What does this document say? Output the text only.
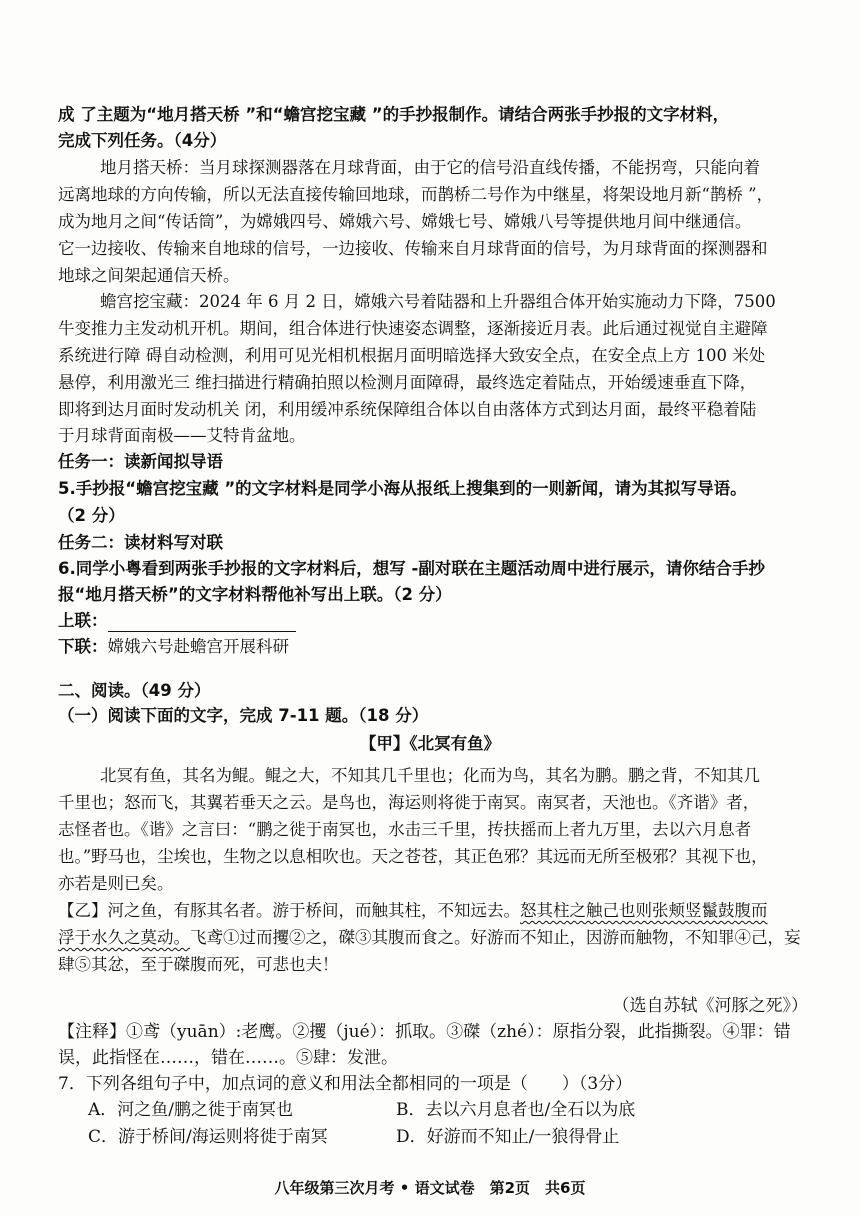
成 了主题为“地月搭天桥 ”和“蟾宫挖宝藏 ”的手抄报制作。请结合两张手抄报的文字材料，
完成下列任务。（4分）
地月搭天桥：当月球探测器落在月球背面，由于它的信号沿直线传播，不能拐弯，只能向着
远离地球的方向传输，所以无法直接传输回地球，而鹊桥二号作为中继星，将架设地月新“鹊桥 ”，
成为地月之间“传话筒”，为嫦娥四号、嫦娥六号、嫦娥七号、嫦娥八号等提供地月间中继通信。
它一边接收、传输来自地球的信号，一边接收、传输来自月球背面的信号，为月球背面的探测器和
地球之间架起通信天桥。
蟾宫挖宝藏：2024 年 6 月 2 日，嫦娥六号着陆器和上升器组合体开始实施动力下降，7500
牛变推力主发动机开机。期间，组合体进行快速姿态调整，逐渐接近月表。此后通过视觉自主避障
系统进行障 碍自动检测，利用可见光相机根据月面明暗选择大致安全点，在安全点上方 100 米处
悬停，利用激光三 维扫描进行精确拍照以检测月面障碍，最终选定着陆点，开始缓速垂直下降，
即将到达月面时发动机关 闭，利用缓冲系统保障组合体以自由落体方式到达月面，最终平稳着陆
于月球背面南极——艾特肯盆地。
任务一：读新闻拟导语
5.手抄报“蟾宫挖宝藏 ”的文字材料是同学小海从报纸上搜集到的一则新闻，请为其拟写导语。
（2 分）
任务二：读材料写对联
6.同学小粤看到两张手抄报的文字材料后，想写 -副对联在主题活动周中进行展示，请你结合手抄
报“地月搭天桥”的文字材料帮他补写出上联。（2 分）
上联：
下联：嫦娥六号赴蟾宫开展科研
二、阅读。（49 分）
（一）阅读下面的文字，完成 7-11 题。（18 分）
【甲】《北冥有鱼》
北冥有鱼，其名为鲲。鲲之大，不知其几千里也；化而为鸟，其名为鹏。鹏之背，不知其几
千里也；怒而飞，其翼若垂天之云。是鸟也，海运则将徙于南冥。南冥者，天池也。《齐谐》者，
志怪者也。《谐》之言曰：“鹏之徙于南冥也，水击三千里，抟扶摇而上者九万里，去以六月息者
也。”野马也，尘埃也，生物之以息相吹也。天之苍苍，其正色邪？其远而无所至极邪？其视下也，
亦若是则已矣。
【乙】河之鱼，有豚其名者。游于桥间，而触其柱，不知远去。怒其柱之触己也则张颊竖鬣鼓腹而
浮于水久之莫动。飞鸢①过而攫②之，磔③其腹而食之。好游而不知止，因游而触物，不知罪④己，妄
肆⑤其忿，至于磔腹而死，可悲也夫！
（选自苏轼《河豚之死》）
【注释】①鸢（yuān）:老鹰。②攫（jué）：抓取。③磔（zhé）：原指分裂，此指撕裂。④罪：错
误，此指怪在……，错在……。⑤肆：发泄。
7．下列各组句子中，加点词的意义和用法全都相同的一项是（　　）（3分）
A．河之鱼/鹏之徙于南冥也	B．去以六月息者也/全石以为底
C．游于桥间/海运则将徙于南冥	D．好游而不知止/一狼得骨止
八年级第三次月考 • 语文试卷　第2页　共6页
